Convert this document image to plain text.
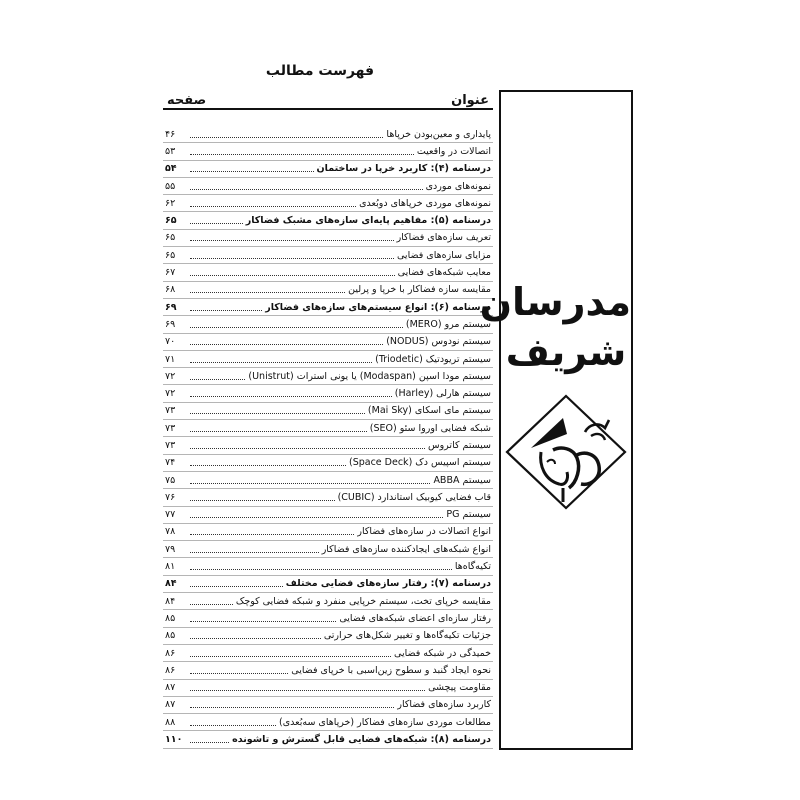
فهرست مطالب
عنوان
صفحه
پایداری و معین‌بودن خرپاها
۴۶
اتصالات در واقعیت
۵۳
درسنامه (۴): کاربرد خرپا در ساختمان
۵۴
نمونه‌های موردی
۵۵
نمونه‌های موردی خرپاهای دوبُعدی
۶۲
درسنامه (۵): مفاهیم پایه‌ای سازه‌های مشبک فضاکار
۶۵
تعریف سازه‌های فضاکار
۶۵
مزایای سازه‌های فضایی
۶۵
معایب شبکه‌های فضایی
۶۷
مقایسه سازه فضاکار با خرپا و پرلین
۶۸
درسنامه (۶): انواع سیستم‌های سازه‌های فضاکار
۶۹
سیستم مرو (MERO)
۶۹
سیستم نودوس (NODUS)
۷۰
سیستم تریودتیک (Triodetic)
۷۱
سیستم مودا اسپن (Modaspan) یا یونی استرات (Unistrut)
۷۲
سیستم هارلی (Harley)
۷۲
سیستم مای اسکای (Mai Sky)
۷۳
شبکه فضایی اوروا سئو (SEO)
۷۳
سیستم کاتروس
۷۳
سیستم اسپیس دک (Space Deck)
۷۴
سیستم ABBA
۷۵
قاب فضایی کیوبیک استاندارد (CUBIC)
۷۶
سیستم PG
۷۷
انواع اتصالات در سازه‌های فضاکار
۷۸
انواع شبکه‌های ایجادکننده سازه‌های فضاکار
۷۹
تکیه‌گاه‌ها
۸۱
درسنامه (۷): رفتار سازه‌های فضایی مختلف
۸۴
مقایسه خرپای تخت، سیستم خرپایی منفرد و شبکه فضایی کوچک
۸۴
رفتار سازه‌ای اعضای شبکه‌های فضایی
۸۵
جزئیات تکیه‌گاه‌ها و تغییر شکل‌های حرارتی
۸۵
خمیدگی در شبکه فضایی
۸۶
نحوه ایجاد گنبد و سطوح زین‌اسبی با خرپای فضایی
۸۶
مقاومت پیچشی
۸۷
کاربرد سازه‌های فضاکار
۸۷
مطالعات موردی سازه‌های فضاکار (خرپاهای سه‌بُعدی)
۸۸
درسنامه (۸): شبکه‌های فضایی قابل گسترش و تاشونده
۱۱۰
مدرسان
شریف
